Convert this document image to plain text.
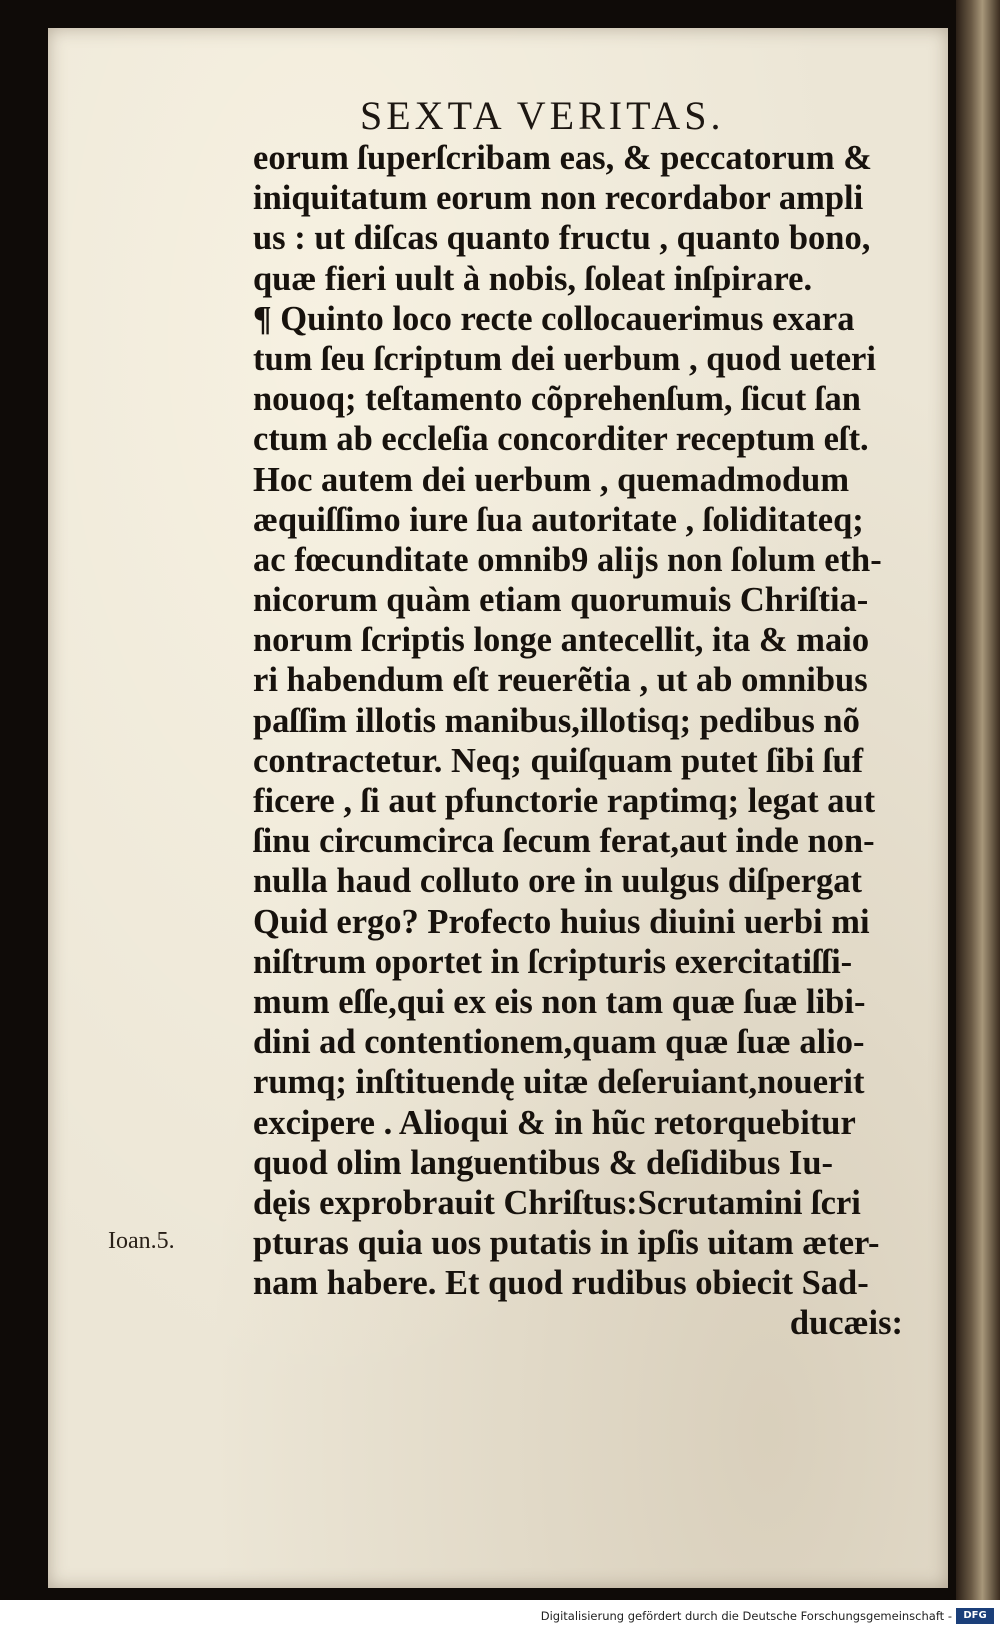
SEXTA VERITAS.
eorum ſuperſcribam eas, & peccatorum &
iniquitatum eorum non recordabor ampli
us : ut diſcas quanto fructu , quanto bono,
quæ fieri uult à nobis, ſoleat inſpirare.
¶ Quinto loco recte collocauerimus exara
tum ſeu ſcriptum dei uerbum , quod ueteri
nouoq; teſtamento cõprehenſum, ſicut ſan
ctum ab eccleſia concorditer receptum eſt.
Hoc autem dei uerbum , quemadmodum
æquiſſimo iure ſua autoritate , ſoliditateq;
ac fœcunditate omnib9 alijs non ſolum eth-
nicorum quàm etiam quorumuis Chriſtia-
norum ſcriptis longe antecellit, ita & maio
ri habendum eſt reuerẽtia , ut ab omnibus
paſſim illotis manibus,illotisq; pedibus nõ
contractetur. Neq; quiſquam putet ſibi ſuf
ficere , ſi aut pfunctorie raptimq; legat aut
ſinu circumcirca ſecum ferat,aut inde non-
nulla haud colluto ore in uulgus diſpergat
Quid ergo? Profecto huius diuini uerbi mi
niſtrum oportet in ſcripturis exercitatiſſi-
mum eſſe,qui ex eis non tam quæ ſuæ libi-
dini ad contentionem,quam quæ ſuæ alio-
rumq; inſtituendę uitæ deſeruiant,nouerit
excipere . Alioqui & in hũc retorquebitur
quod olim languentibus & deſidibus Iu-
dęis exprobrauit Chriſtus:Scrutamini ſcri
pturas quia uos putatis in ipſis uitam æter-
nam habere. Et quod rudibus obiecit Sad-
ducæis:
Ioan.5.
Digitalisierung gefördert durch die Deutsche Forschungsgemeinschaft -	DFG
